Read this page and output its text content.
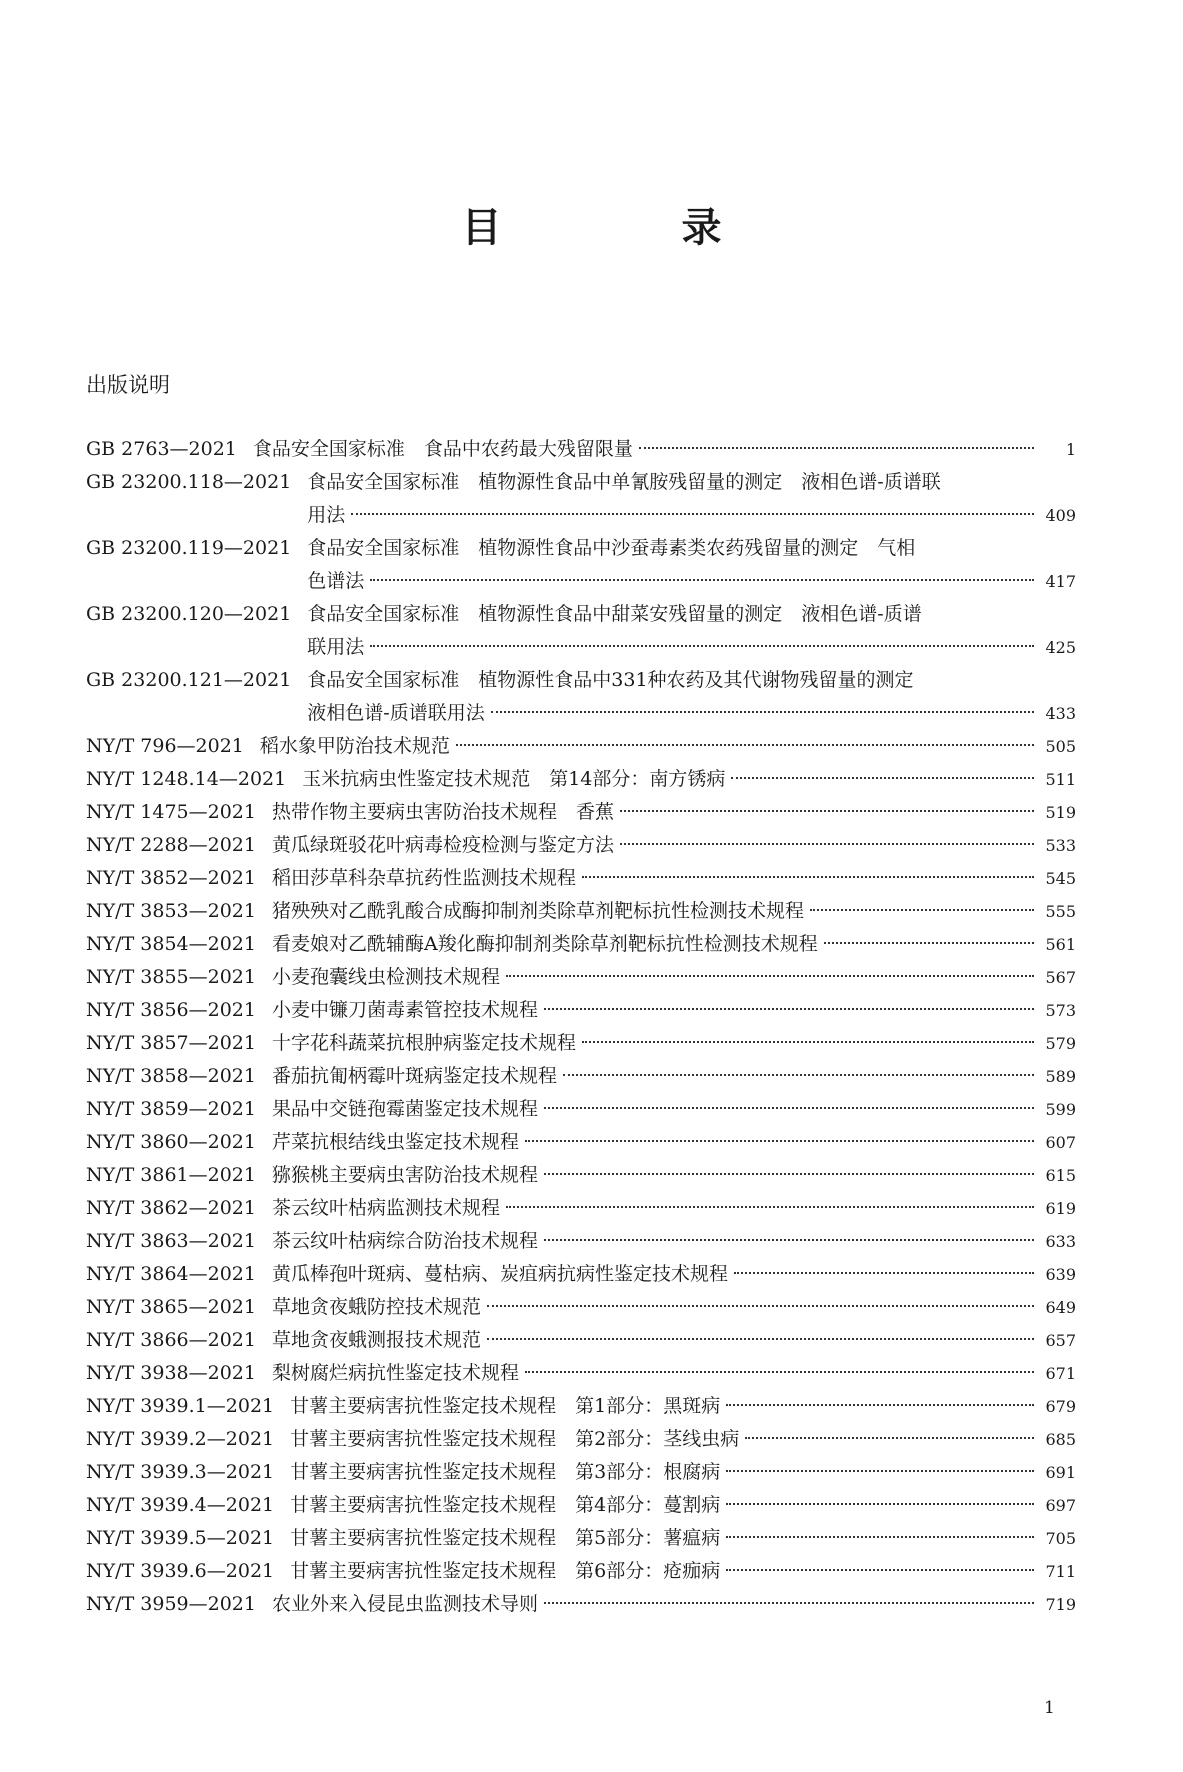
目　录
出版说明
GB 2763—2021 食品安全国家标准　食品中农药最大残留限量	1
GB 23200.118—2021 食品安全国家标准　植物源性食品中单氰胺残留量的测定　液相色谱-质谱联
用法	409
GB 23200.119—2021 食品安全国家标准　植物源性食品中沙蚕毒素类农药残留量的测定　气相
色谱法	417
GB 23200.120—2021 食品安全国家标准　植物源性食品中甜菜安残留量的测定　液相色谱-质谱
联用法	425
GB 23200.121—2021 食品安全国家标准　植物源性食品中331种农药及其代谢物残留量的测定
液相色谱-质谱联用法	433
NY/T 796—2021 稻水象甲防治技术规范	505
NY/T 1248.14—2021 玉米抗病虫性鉴定技术规范　第14部分：南方锈病	511
NY/T 1475—2021 热带作物主要病虫害防治技术规程　香蕉	519
NY/T 2288—2021 黄瓜绿斑驳花叶病毒检疫检测与鉴定方法	533
NY/T 3852—2021 稻田莎草科杂草抗药性监测技术规程	545
NY/T 3853—2021 猪殃殃对乙酰乳酸合成酶抑制剂类除草剂靶标抗性检测技术规程	555
NY/T 3854—2021 看麦娘对乙酰辅酶A羧化酶抑制剂类除草剂靶标抗性检测技术规程	561
NY/T 3855—2021 小麦孢囊线虫检测技术规程	567
NY/T 3856—2021 小麦中镰刀菌毒素管控技术规程	573
NY/T 3857—2021 十字花科蔬菜抗根肿病鉴定技术规程	579
NY/T 3858—2021 番茄抗匍柄霉叶斑病鉴定技术规程	589
NY/T 3859—2021 果品中交链孢霉菌鉴定技术规程	599
NY/T 3860—2021 芹菜抗根结线虫鉴定技术规程	607
NY/T 3861—2021 猕猴桃主要病虫害防治技术规程	615
NY/T 3862—2021 茶云纹叶枯病监测技术规程	619
NY/T 3863—2021 茶云纹叶枯病综合防治技术规程	633
NY/T 3864—2021 黄瓜棒孢叶斑病、蔓枯病、炭疽病抗病性鉴定技术规程	639
NY/T 3865—2021 草地贪夜蛾防控技术规范	649
NY/T 3866—2021 草地贪夜蛾测报技术规范	657
NY/T 3938—2021 梨树腐烂病抗性鉴定技术规程	671
NY/T 3939.1—2021 甘薯主要病害抗性鉴定技术规程　第1部分：黑斑病	679
NY/T 3939.2—2021 甘薯主要病害抗性鉴定技术规程　第2部分：茎线虫病	685
NY/T 3939.3—2021 甘薯主要病害抗性鉴定技术规程　第3部分：根腐病	691
NY/T 3939.4—2021 甘薯主要病害抗性鉴定技术规程　第4部分：蔓割病	697
NY/T 3939.5—2021 甘薯主要病害抗性鉴定技术规程　第5部分：薯瘟病	705
NY/T 3939.6—2021 甘薯主要病害抗性鉴定技术规程　第6部分：疮痂病	711
NY/T 3959—2021 农业外来入侵昆虫监测技术导则	719
1
